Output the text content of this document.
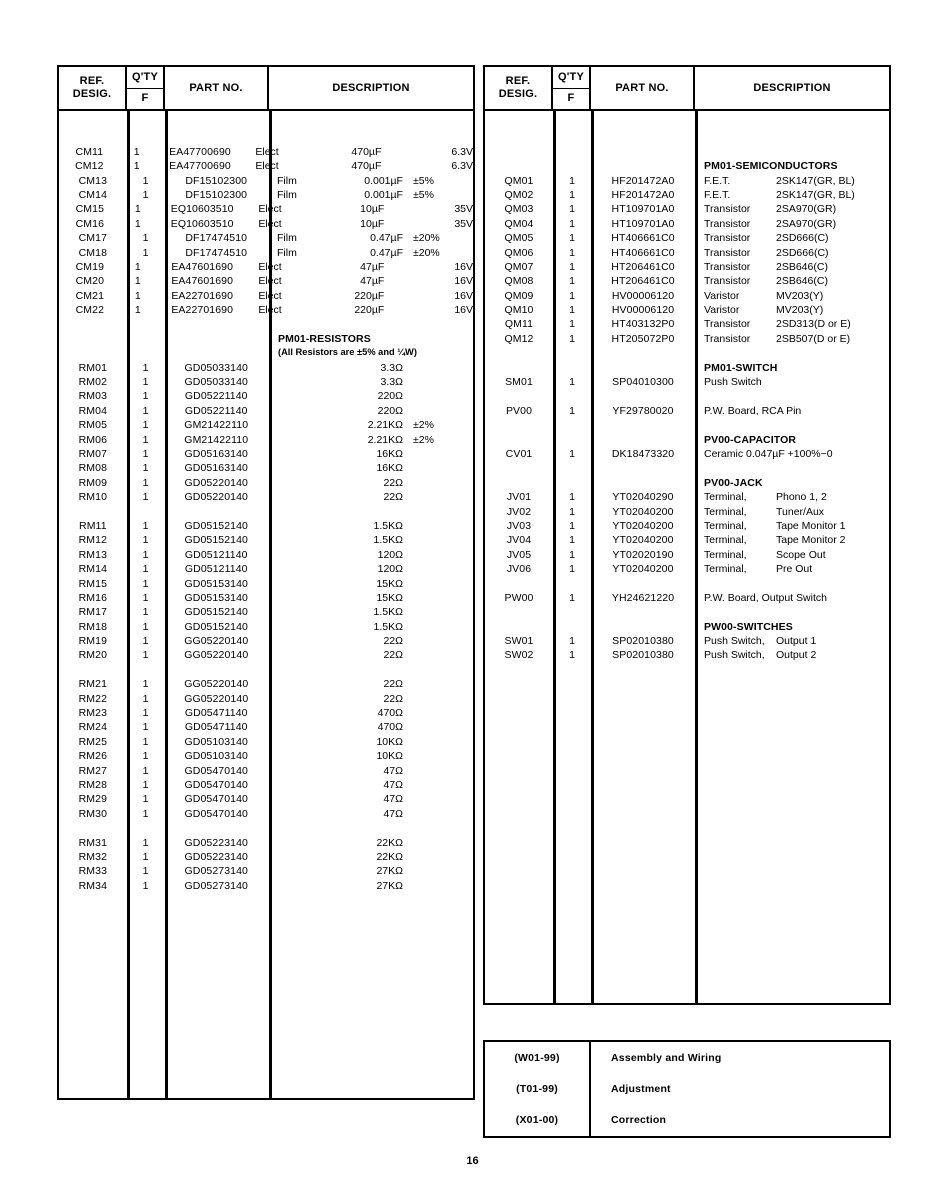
REF.
DESIG.
Q'TY
F
PART NO.	DESCRIPTION
CM11	1	EA47700690	Elect	470µF	6.3V
CM12	1	EA47700690	Elect	470µF	6.3V
CM13	1	DF15102300	Film	0.001µF ±5%
CM14	1	DF15102300	Film	0.001µF ±5%
CM15	1	EQ10603510	Elect	10µF	35V
CM16	1	EQ10603510	Elect	10µF	35V
CM17	1	DF17474510	Film	0.47µF ±20%
CM18	1	DF17474510	Film	0.47µF ±20%
CM19	1	EA47601690	Elect	47µF	16V
CM20	1	EA47601690	Elect	47µF	16V
CM21	1	EA22701690	Elect	220µF	16V
CM22	1	EA22701690	Elect	220µF	16V
PM01-RESISTORS
(All Resistors are ±5% and ¼W)
RM01	1	GD05033140	3.3Ω
RM02	1	GD05033140	3.3Ω
RM03	1	GD05221140	220Ω
RM04	1	GD05221140	220Ω
RM05	1	GM21422110	2.21KΩ ±2%
RM06	1	GM21422110	2.21KΩ ±2%
RM07	1	GD05163140	16KΩ
RM08	1	GD05163140	16KΩ
RM09	1	GD05220140	22Ω
RM10	1	GD05220140	22Ω
RM11	1	GD05152140	1.5KΩ
RM12	1	GD05152140	1.5KΩ
RM13	1	GD05121140	120Ω
RM14	1	GD05121140	120Ω
RM15	1	GD05153140	15KΩ
RM16	1	GD05153140	15KΩ
RM17	1	GD05152140	1.5KΩ
RM18	1	GD05152140	1.5KΩ
RM19	1	GG05220140	22Ω
RM20	1	GG05220140	22Ω
RM21	1	GG05220140	22Ω
RM22	1	GG05220140	22Ω
RM23	1	GD05471140	470Ω
RM24	1	GD05471140	470Ω
RM25	1	GD05103140	10KΩ
RM26	1	GD05103140	10KΩ
RM27	1	GD05470140	47Ω
RM28	1	GD05470140	47Ω
RM29	1	GD05470140	47Ω
RM30	1	GD05470140	47Ω
RM31	1	GD05223140	22KΩ
RM32	1	GD05223140	22KΩ
RM33	1	GD05273140	27KΩ
RM34	1	GD05273140	27KΩ
REF.
DESIG.
Q'TY
F
PART NO.	DESCRIPTION
PM01-SEMICONDUCTORS
QM01	1	HF201472A0	F.E.T.	2SK147(GR, BL)
QM02	1	HF201472A0	F.E.T.	2SK147(GR, BL)
QM03	1	HT109701A0	Transistor	2SA970(GR)
QM04	1	HT109701A0	Transistor	2SA970(GR)
QM05	1	HT406661C0	Transistor	2SD666(C)
QM06	1	HT406661C0	Transistor	2SD666(C)
QM07	1	HT206461C0	Transistor	2SB646(C)
QM08	1	HT206461C0	Transistor	2SB646(C)
QM09	1	HV00006120	Varistor	MV203(Y)
QM10	1	HV00006120	Varistor	MV203(Y)
QM11	1	HT403132P0	Transistor	2SD313(D or E)
QM12	1	HT205072P0	Transistor	2SB507(D or E)
PM01-SWITCH
SM01	1	SP04010300	Push Switch
PV00	1	YF29780020	P.W. Board, RCA Pin
PV00-CAPACITOR
CV01	1	DK18473320	Ceramic 0.047µF +100%−0
PV00-JACK
JV01	1	YT02040290	Terminal,	Phono 1, 2
JV02	1	YT02040200	Terminal,	Tuner/Aux
JV03	1	YT02040200	Terminal,	Tape Monitor 1
JV04	1	YT02040200	Terminal,	Tape Monitor 2
JV05	1	YT02020190	Terminal,	Scope Out
JV06	1	YT02040200	Terminal,	Pre Out
PW00	1	YH24621220	P.W. Board, Output Switch
PW00-SWITCHES
SW01	1	SP02010380	Push Switch,	Output 1
SW02	1	SP02010380	Push Switch,	Output 2
(W01-99)	Assembly and Wiring
(T01-99)	Adjustment
(X01-00)	Correction
16
